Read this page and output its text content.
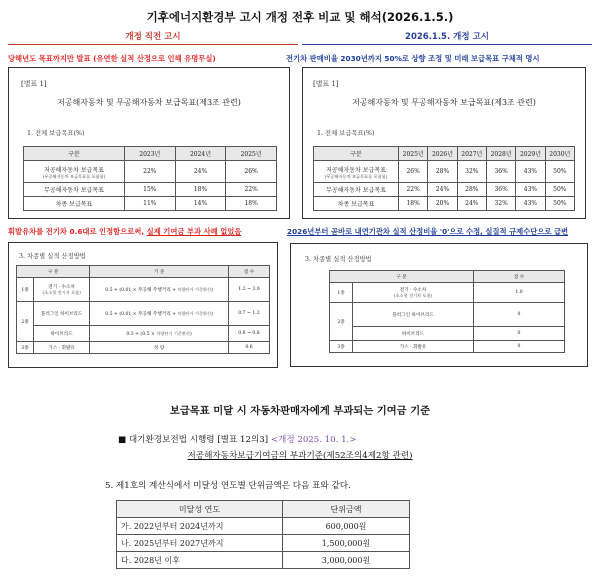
기후에너지환경부 고시 개정 전후 비교 및 해석(2026.1.5.)
개정 직전 고시	2026.1.5. 개정 고시
당해년도 목표까지만 발표 (유연한 실적 산정으로 인해 유명무실)	전기차 판매비율 2030년까지 50%로 상향 조정 및 미래 보급목표 구체적 명시
[별표 1]
저공해자동차 및 무공해자동차 보급목표(제3조 관련)
1. 전체 보급목표(%)
구분	2023년	2024년	2025년
저공해자동차 보급목표
(무공해자동차 보급목표를 포함함)	22%	24%	26%
무공해자동차 보급목표	15%	18%	22%
차종 보급목표	11%	14%	18%
[별표 1]
저공해자동차 및 무공해자동차 보급목표(제3조 관련)
1. 전체 보급목표(%)
구분	2025년	2026년	2027년	2028년	2029년	2030년
저공해자동차 보급목표
(무공해자동차 보급목표를 포함함)	26%	28%	32%	36%	43%	50%
무공해자동차 보급목표	22%	24%	28%	36%	43%	50%
차종 보급목표	18%	20%	24%	32%	43%	50%
휘발유차를 전기차 0.6대로 인정함으로써, 실제 기여금 부과 사례 없었음	2026년부터 곧바로 내연기관차 실적 산정비율 '0'으로 수정, 실질적 규제수단으로 급변
3. 차종별 실적 산정방법
구 분		기 준	점 수
1종	전기 · 수소차
(초소형 전기자 포함)	0.5 + (0.01 × 무공해 주행거리 + 차량단가 기준환산)	1.2 ~ 3.0
2종	플러그인 하이브리드	0.5 + (0.01 × 무공해 주행거리 + 차량단가 기준환산)	0.7 ~ 1.2
	하이브리드	0.3 + (0.5 × 차량단가 기준환산)	0.6 ~ 0.8
3종	가스 · 휘발유	정 량	0.6
3. 차종별 실적 산정방법
구 분		점 수
1종	전기 · 수소차
(초소형 전기차 포함)	1.0
2종	플러그인 하이브리드	0
	하이브리드	0
3종	가스 · 휘발유	0
보급목표 미달 시 자동차판매자에게 부과되는 기여금 기준
■ 대기환경보전법 시행령 [별표 12의3] <개정 2025. 10. 1.>
저공해자동차보급기여금의 부과기준(제52조의4제2항 관련)
5. 제1호의 계산식에서 미달성 연도별 단위금액은 다음 표와 같다.
미달성 연도	단위금액
가. 2022년부터 2024년까지	600,000원
나. 2025년부터 2027년까지	1,500,000원
다. 2028년 이후	3,000,000원
